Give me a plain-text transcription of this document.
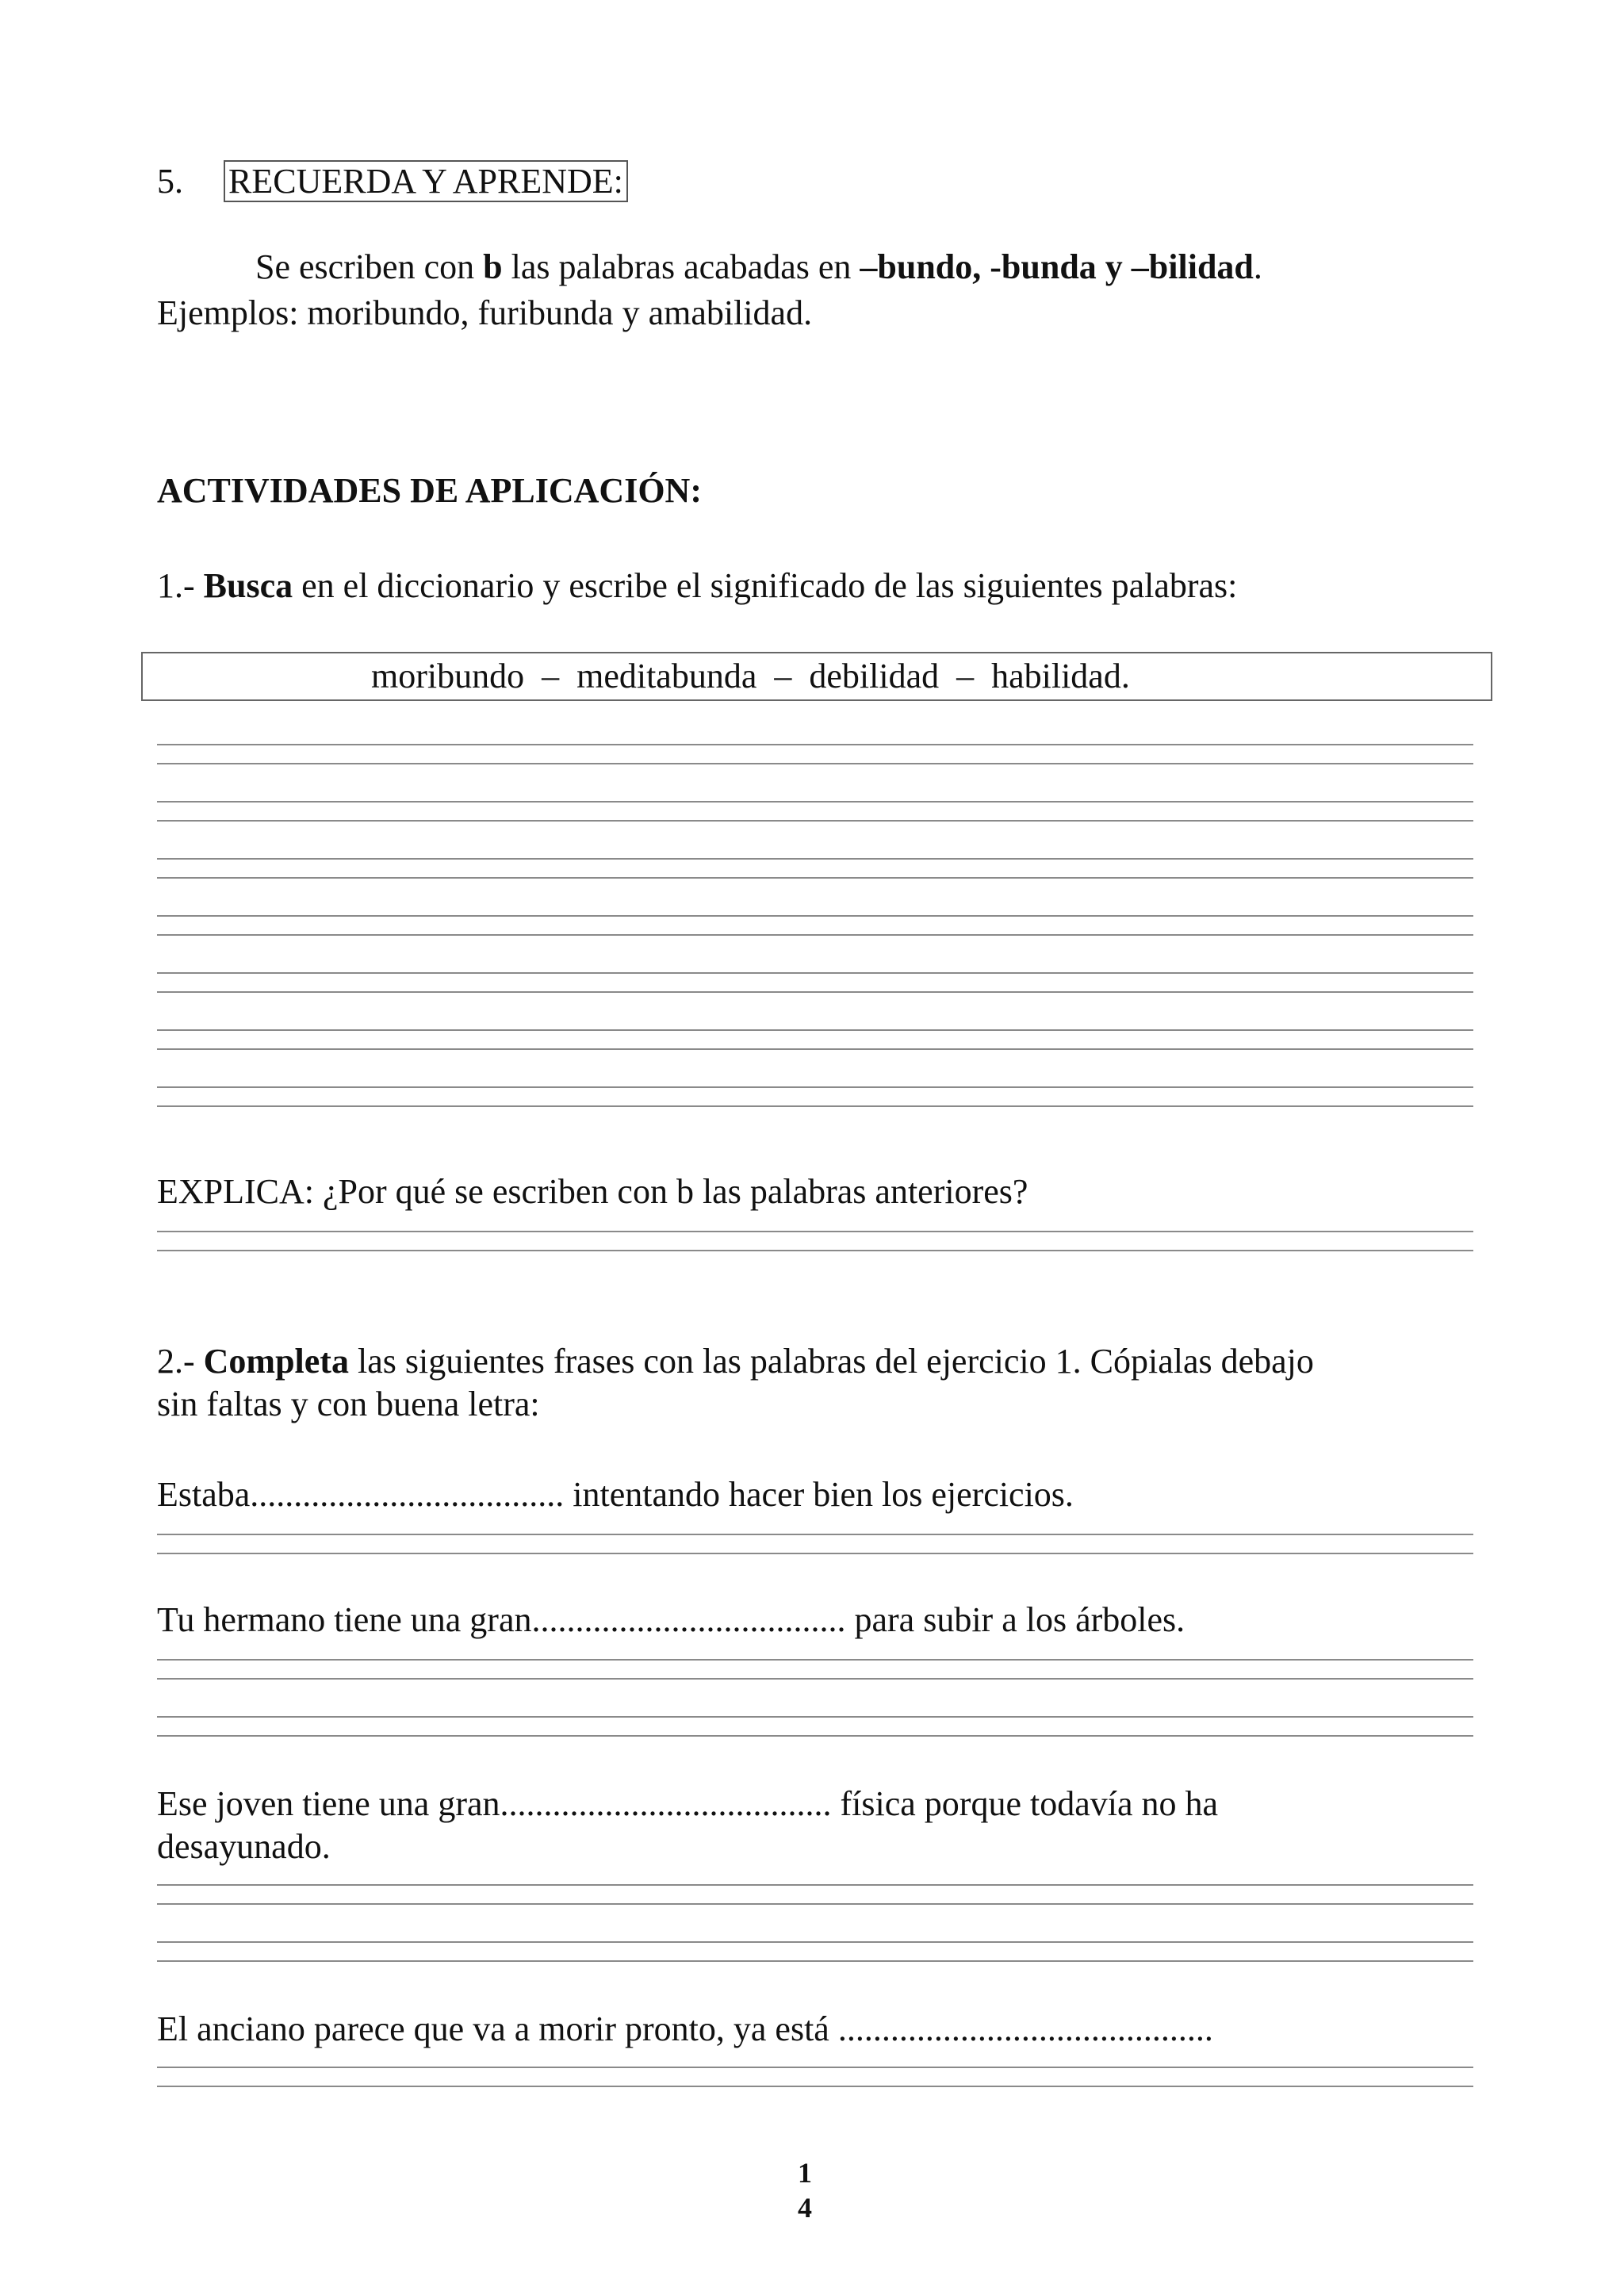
5. RECUERDA Y APRENDE:
Se escriben con b las palabras acabadas en –bundo, -bunda y –bilidad.
Ejemplos: moribundo, furibunda y amabilidad.
ACTIVIDADES DE APLICACIÓN:
1.- Busca en el diccionario y escribe el significado de las siguientes palabras:
moribundo  –  meditabunda  –  debilidad  –  habilidad.
EXPLICA: ¿Por qué se escriben con b las palabras anteriores?
2.- Completa las siguientes frases con las palabras del ejercicio 1. Cópialas debajo
sin faltas y con buena letra:
Estaba.................................... intentando hacer bien los ejercicios.
Tu hermano tiene una gran.................................... para subir a los árboles.
Ese joven tiene una gran...................................... física porque todavía no ha
desayunado.
El anciano parece que va a morir pronto, ya está ...........................................
1
4
